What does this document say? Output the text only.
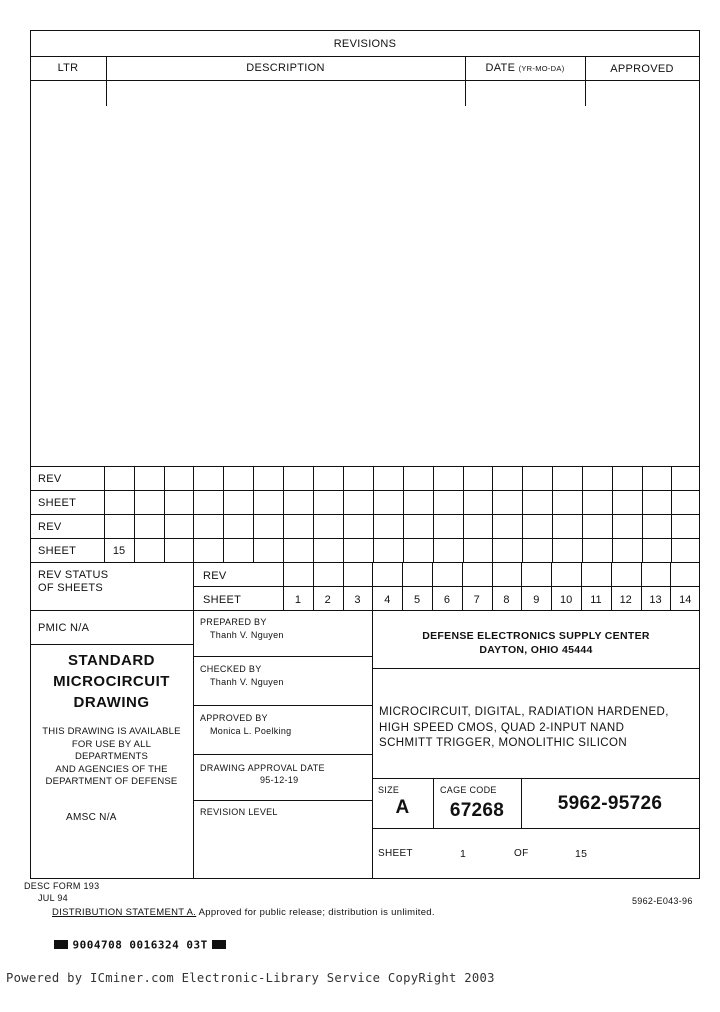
REVISIONS
LTR	DESCRIPTION	DATE (YR-MO-DA)	APPROVED
REV
SHEET
REV
SHEET	15
REV STATUS
OF SHEETS
REV
SHEET	1	2	3	4	5	6	7	8	9	10	11	12	13	14
PMIC N/A
STANDARD
MICROCIRCUIT
DRAWING
THIS DRAWING IS AVAILABLE
FOR USE BY ALL
DEPARTMENTS
AND AGENCIES OF THE
DEPARTMENT OF DEFENSE
AMSC N/A
PREPARED BY
Thanh V. Nguyen
CHECKED BY
Thanh V. Nguyen
APPROVED BY
Monica L. Poelking
DRAWING APPROVAL DATE
95-12-19
REVISION LEVEL
DEFENSE ELECTRONICS SUPPLY CENTER
DAYTON, OHIO 45444
MICROCIRCUIT, DIGITAL, RADIATION HARDENED,
HIGH SPEED CMOS, QUAD 2-INPUT NAND
SCHMITT TRIGGER, MONOLITHIC SILICON
SIZE
A
CAGE CODE
67268	5962-95726
SHEET	1	OF	15
DESC FORM 193
JUL 94
DISTRIBUTION STATEMENT A. Approved for public release; distribution is unlimited.
5962-E043-96
9004708 0016324 03T
Powered by ICminer.com Electronic-Library Service CopyRight 2003
